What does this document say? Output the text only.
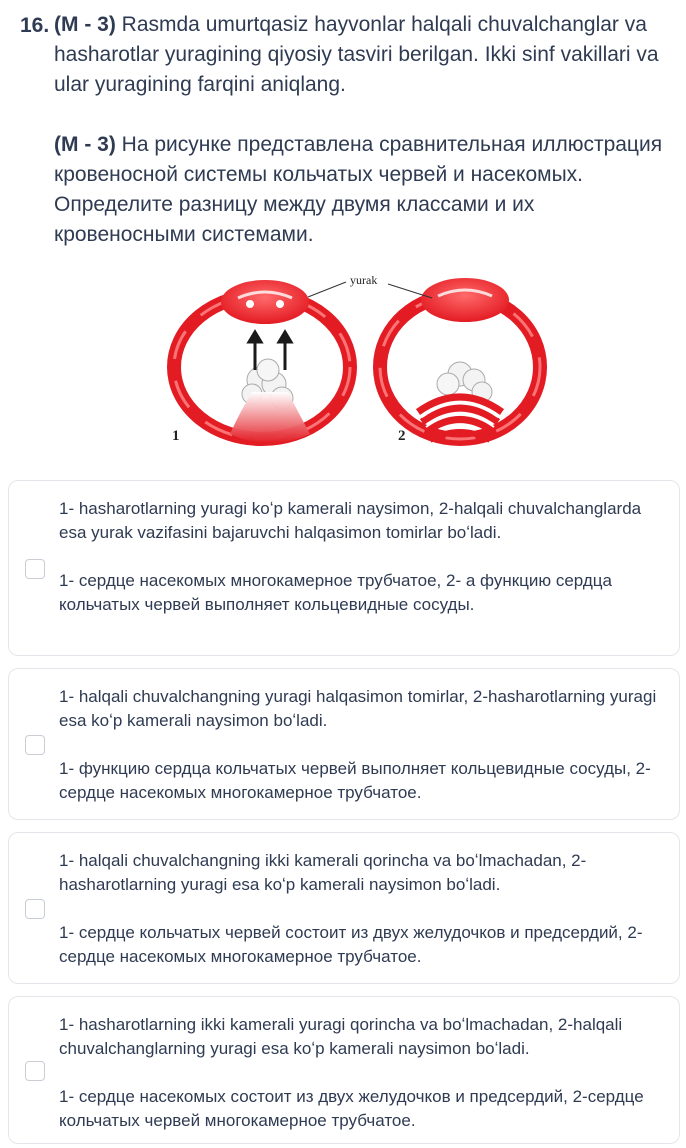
16. (M - 3) Rasmda umurtqasiz hayvonlar halqali chuvalchanglar va hasharotlar yuragining qiyosiy tasviri berilgan. Ikki sinf vakillari va ular yuragining farqini aniqlang.

(M - 3) На рисунке представлена сравнительная иллюстрация кровеносной системы кольчатых червей и насекомых. Определите разницу между двумя классами и их кровеносными системами.

1	2
yurak

1- hasharotlarning yuragi koʻp kamerali naysimon, 2-halqali chuvalchanglarda esa yurak vazifasini bajaruvchi halqasimon tomirlar boʻladi.

1- сердце насекомых многокамерное трубчатое, 2- а функцию сердца кольчатых червей выполняет кольцевидные сосуды.

1- halqali chuvalchangning yuragi halqasimon tomirlar, 2-hasharotlarning yuragi esa koʻp kamerali naysimon boʻladi.

1- функцию сердца кольчатых червей выполняет кольцевидные сосуды, 2-сердце насекомых многокамерное трубчатое.

1- halqali chuvalchangning ikki kamerali qorincha va boʻlmachadan, 2-hasharotlarning yuragi esa koʻp kamerali naysimon boʻladi.

1- сердце кольчатых червей состоит из двух желудочков и предсердий, 2-сердце насекомых многокамерное трубчатое.

1- hasharotlarning ikki kamerali yuragi qorincha va boʻlmachadan, 2-halqali chuvalchanglarning yuragi esa koʻp kamerali naysimon boʻladi.

1- сердце насекомых состоит из двух желудочков и предсердий, 2-сердце кольчатых червей многокамерное трубчатое.
